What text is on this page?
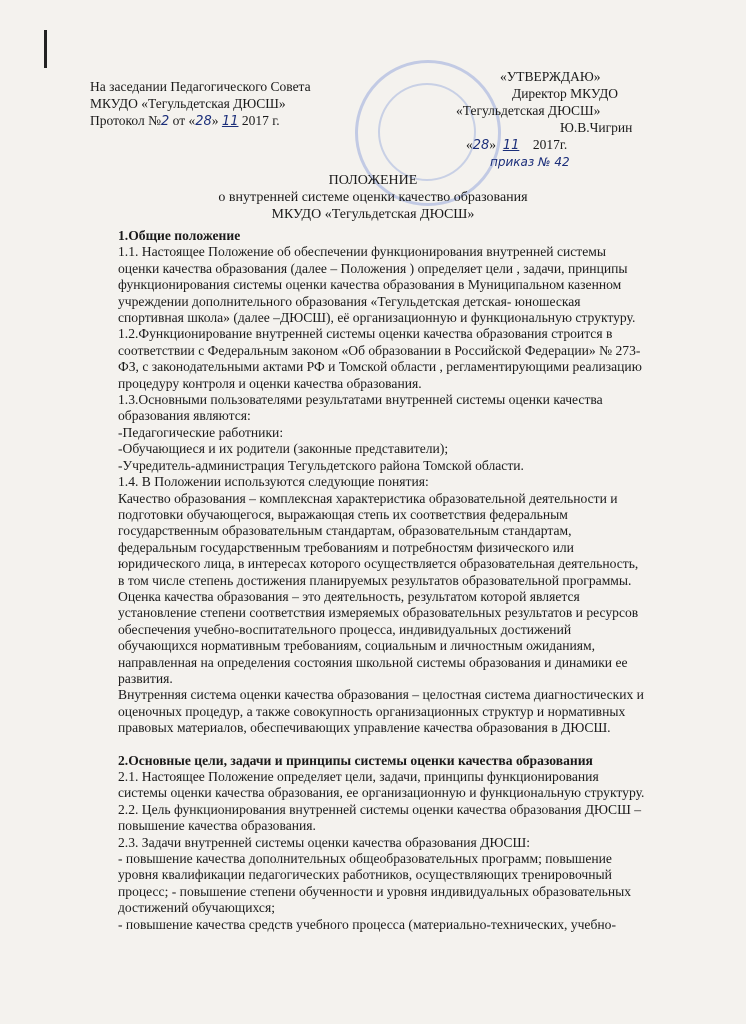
На заседании Педагогического Совета
МКУДО «Тегульдетская ДЮСШ»
Протокол №2 от «28» 11 2017 г.
«УТВЕРЖДАЮ»
Директор МКУДО
«Тегульдетская ДЮСШ»
Ю.В.Чигрин
«28» 11 2017г.
приказ № 42
ПОЛОЖЕНИЕ
о внутренней системе оценки качество образования
МКУДО «Тегульдетская ДЮСШ»

1.Общие положение

1.1. Настоящее Положение об обеспечении функционирования внутренней системы

оценки качества образования (далее – Положения ) определяет цели , задачи, принципы

функционирования системы оценки качества образования в Муниципальном казенном

учреждении дополнительного образования «Тегульдетская детская- юношеская

спортивная школа» (далее –ДЮСШ), её организационную и функциональную структуру.

1.2.Функционирование внутренней системы оценки качества образования строится в

соответствии с Федеральным законом «Об образовании в Российской Федерации» № 273-

ФЗ, с законодательными актами РФ и Томской области , регламентирующими реализацию

процедуру контроля и оценки качества образования.

1.3.Основными пользователями результатами внутренней системы оценки качества

образования являются:

-Педагогические работники:

-Обучающиеся и их родители (законные представители);

-Учредитель-администрация Тегульдетского района Томской области.

1.4. В Положении используются следующие понятия:

Качество образования – комплексная характеристика образовательной деятельности и

подготовки обучающегося, выражающая степь их соответствия федеральным

государственным образовательным стандартам, образовательным стандартам,

федеральным государственным требованиям и потребностям физического или

юридического лица, в интересах которого осуществляется образовательная деятельность,

в том числе степень достижения планируемых результатов образовательной программы.

Оценка качества образования – это деятельность, результатом которой является

установление степени соответствия измеряемых образовательных результатов и ресурсов

обеспечения учебно-воспитательного процесса, индивидуальных достижений

обучающихся нормативным требованиям, социальным и личностным ожиданиям,

направленная на определения состояния школьной системы образования и динамики ее

развития.

Внутренняя система оценки качества образования – целостная система диагностических и

оценочных процедур, а также совокупность организационных структур и нормативных

правовых материалов, обеспечивающих управление качества образования в ДЮСШ.

2.Основные цели, задачи и принципы системы оценки качества образования

2.1. Настоящее Положение определяет цели, задачи, принципы функционирования

системы оценки качества образования, ее организационную и функциональную структуру.

2.2. Цель функционирования внутренней системы оценки качества образования ДЮСШ –

повышение качества образования.

2.3. Задачи внутренней системы оценки качества образования ДЮСШ:

- повышение качества дополнительных общеобразовательных программ; повышение

уровня квалификации педагогических работников, осуществляющих тренировочный

процесс; - повышение степени обученности и уровня индивидуальных образовательных

достижений обучающихся;

- повышение качества средств учебного процесса (материально-технических, учебно-
